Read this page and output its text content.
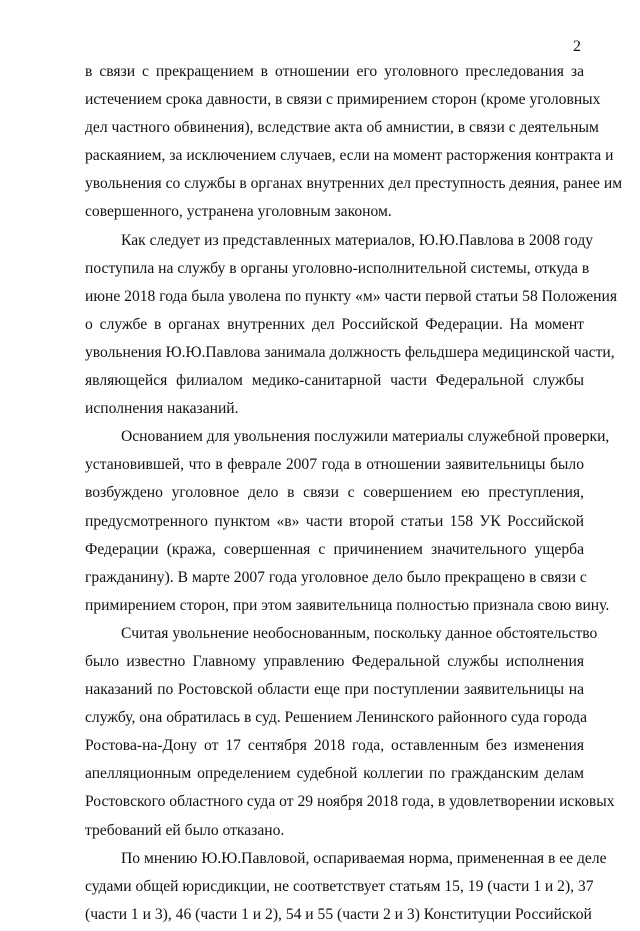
2
в связи с прекращением в отношении его уголовного преследования за
истечением срока давности, в связи с примирением сторон (кроме уголовных
дел частного обвинения), вследствие акта об амнистии, в связи с деятельным
раскаянием, за исключением случаев, если на момент расторжения контракта и
увольнения со службы в органах внутренних дел преступность деяния, ранее им
совершенного, устранена уголовным законом.
Как следует из представленных материалов, Ю.Ю.Павлова в 2008 году
поступила на службу в органы уголовно-исполнительной системы, откуда в
июне 2018 года была уволена по пункту «м» части первой статьи 58 Положения
о службе в органах внутренних дел Российской Федерации. На момент
увольнения Ю.Ю.Павлова занимала должность фельдшера медицинской части,
являющейся филиалом медико-санитарной части Федеральной службы
исполнения наказаний.
Основанием для увольнения послужили материалы служебной проверки,
установившей, что в феврале 2007 года в отношении заявительницы было
возбуждено уголовное дело в связи с совершением ею преступления,
предусмотренного пунктом «в» части второй статьи 158 УК Российской
Федерации (кража, совершенная с причинением значительного ущерба
гражданину). В марте 2007 года уголовное дело было прекращено в связи с
примирением сторон, при этом заявительница полностью признала свою вину.
Считая увольнение необоснованным, поскольку данное обстоятельство
было известно Главному управлению Федеральной службы исполнения
наказаний по Ростовской области еще при поступлении заявительницы на
службу, она обратилась в суд. Решением Ленинского районного суда города
Ростова-на-Дону от 17 сентября 2018 года, оставленным без изменения
апелляционным определением судебной коллегии по гражданским делам
Ростовского областного суда от 29 ноября 2018 года, в удовлетворении исковых
требований ей было отказано.
По мнению Ю.Ю.Павловой, оспариваемая норма, примененная в ее деле
судами общей юрисдикции, не соответствует статьям 15, 19 (части 1 и 2), 37
(части 1 и 3), 46 (части 1 и 2), 54 и 55 (части 2 и 3) Конституции Российской
